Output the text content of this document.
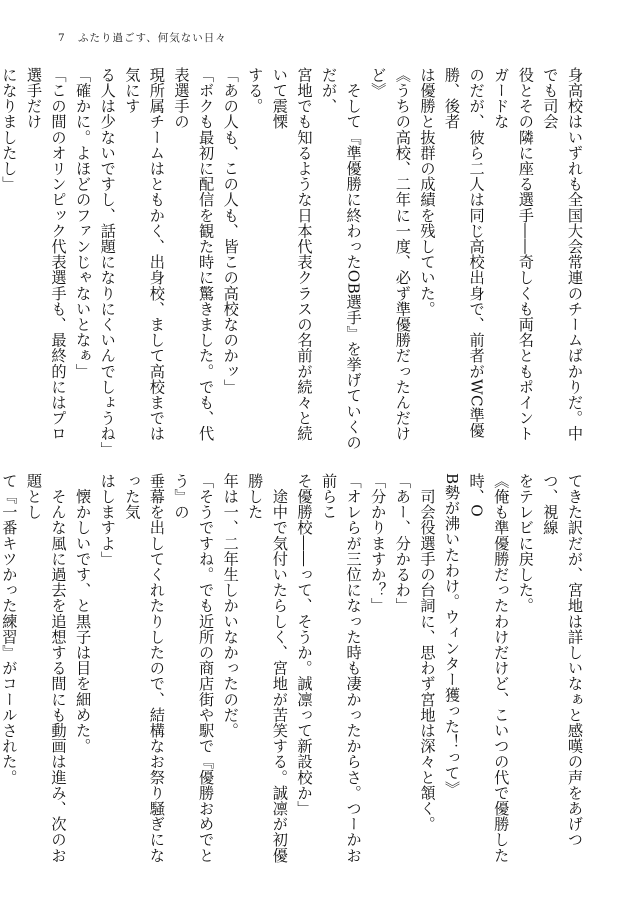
7 ふたり過ごす、何気ない日々

身高校はいずれも全国大会常連のチームばかりだ。中でも司会

役とその隣に座る選手――奇しくも両名ともポイントガードな

のだが、彼ら二人は同じ高校出身で、前者がWC準優勝、後者

は優勝と抜群の成績を残していた。

《うちの高校、二年に一度、必ず準優勝だったんだけど》

　そして『準優勝に終わったOB選手』を挙げていくのだが、

宮地でも知るような日本代表クラスの名前が続々と続いて震慄

する。

「あの人も、この人も、皆この高校なのかッ」

「ボクも最初に配信を観た時に驚きました。でも、代表選手の

現所属チームはともかく、出身校、まして高校までは気にす

る人は少ないですし、話題になりにくいんでしょうね」

「確かに。よほどのファンじゃないとなぁ」

「この間のオリンピック代表選手も、最終的にはプロ選手だけ

になりましたし」

てきた訳だが、宮地は詳しいなぁと感嘆の声をあげつつ、視線

をテレビに戻した。

《俺も準優勝だったわけだけど、こいつの代で優勝した時、O

B勢が沸いたわけ。ウィンター獲った！って》

　司会役選手の台詞に、思わず宮地は深々と頷く。

「あー、分かるわ」

「分かりますか？」

「オレらが三位になった時も凄かったからさ。つーかお前らこ

そ優勝校――って、そうか。誠凛って新設校か」

　途中で気付いたらしく、宮地が苦笑する。誠凛が初優勝した

年は一、二年生しかいなかったのだ。

「そうですね。でも近所の商店街や駅で『優勝おめでとう』の

垂幕を出してくれたりしたので、結構なお祭り騒ぎになった気

はしますよ」

　懐かしいです、と黒子は目を細めた。

　そんな風に過去を追想する間にも動画は進み、次のお題とし

て『一番キツかった練習』がコールされた。
